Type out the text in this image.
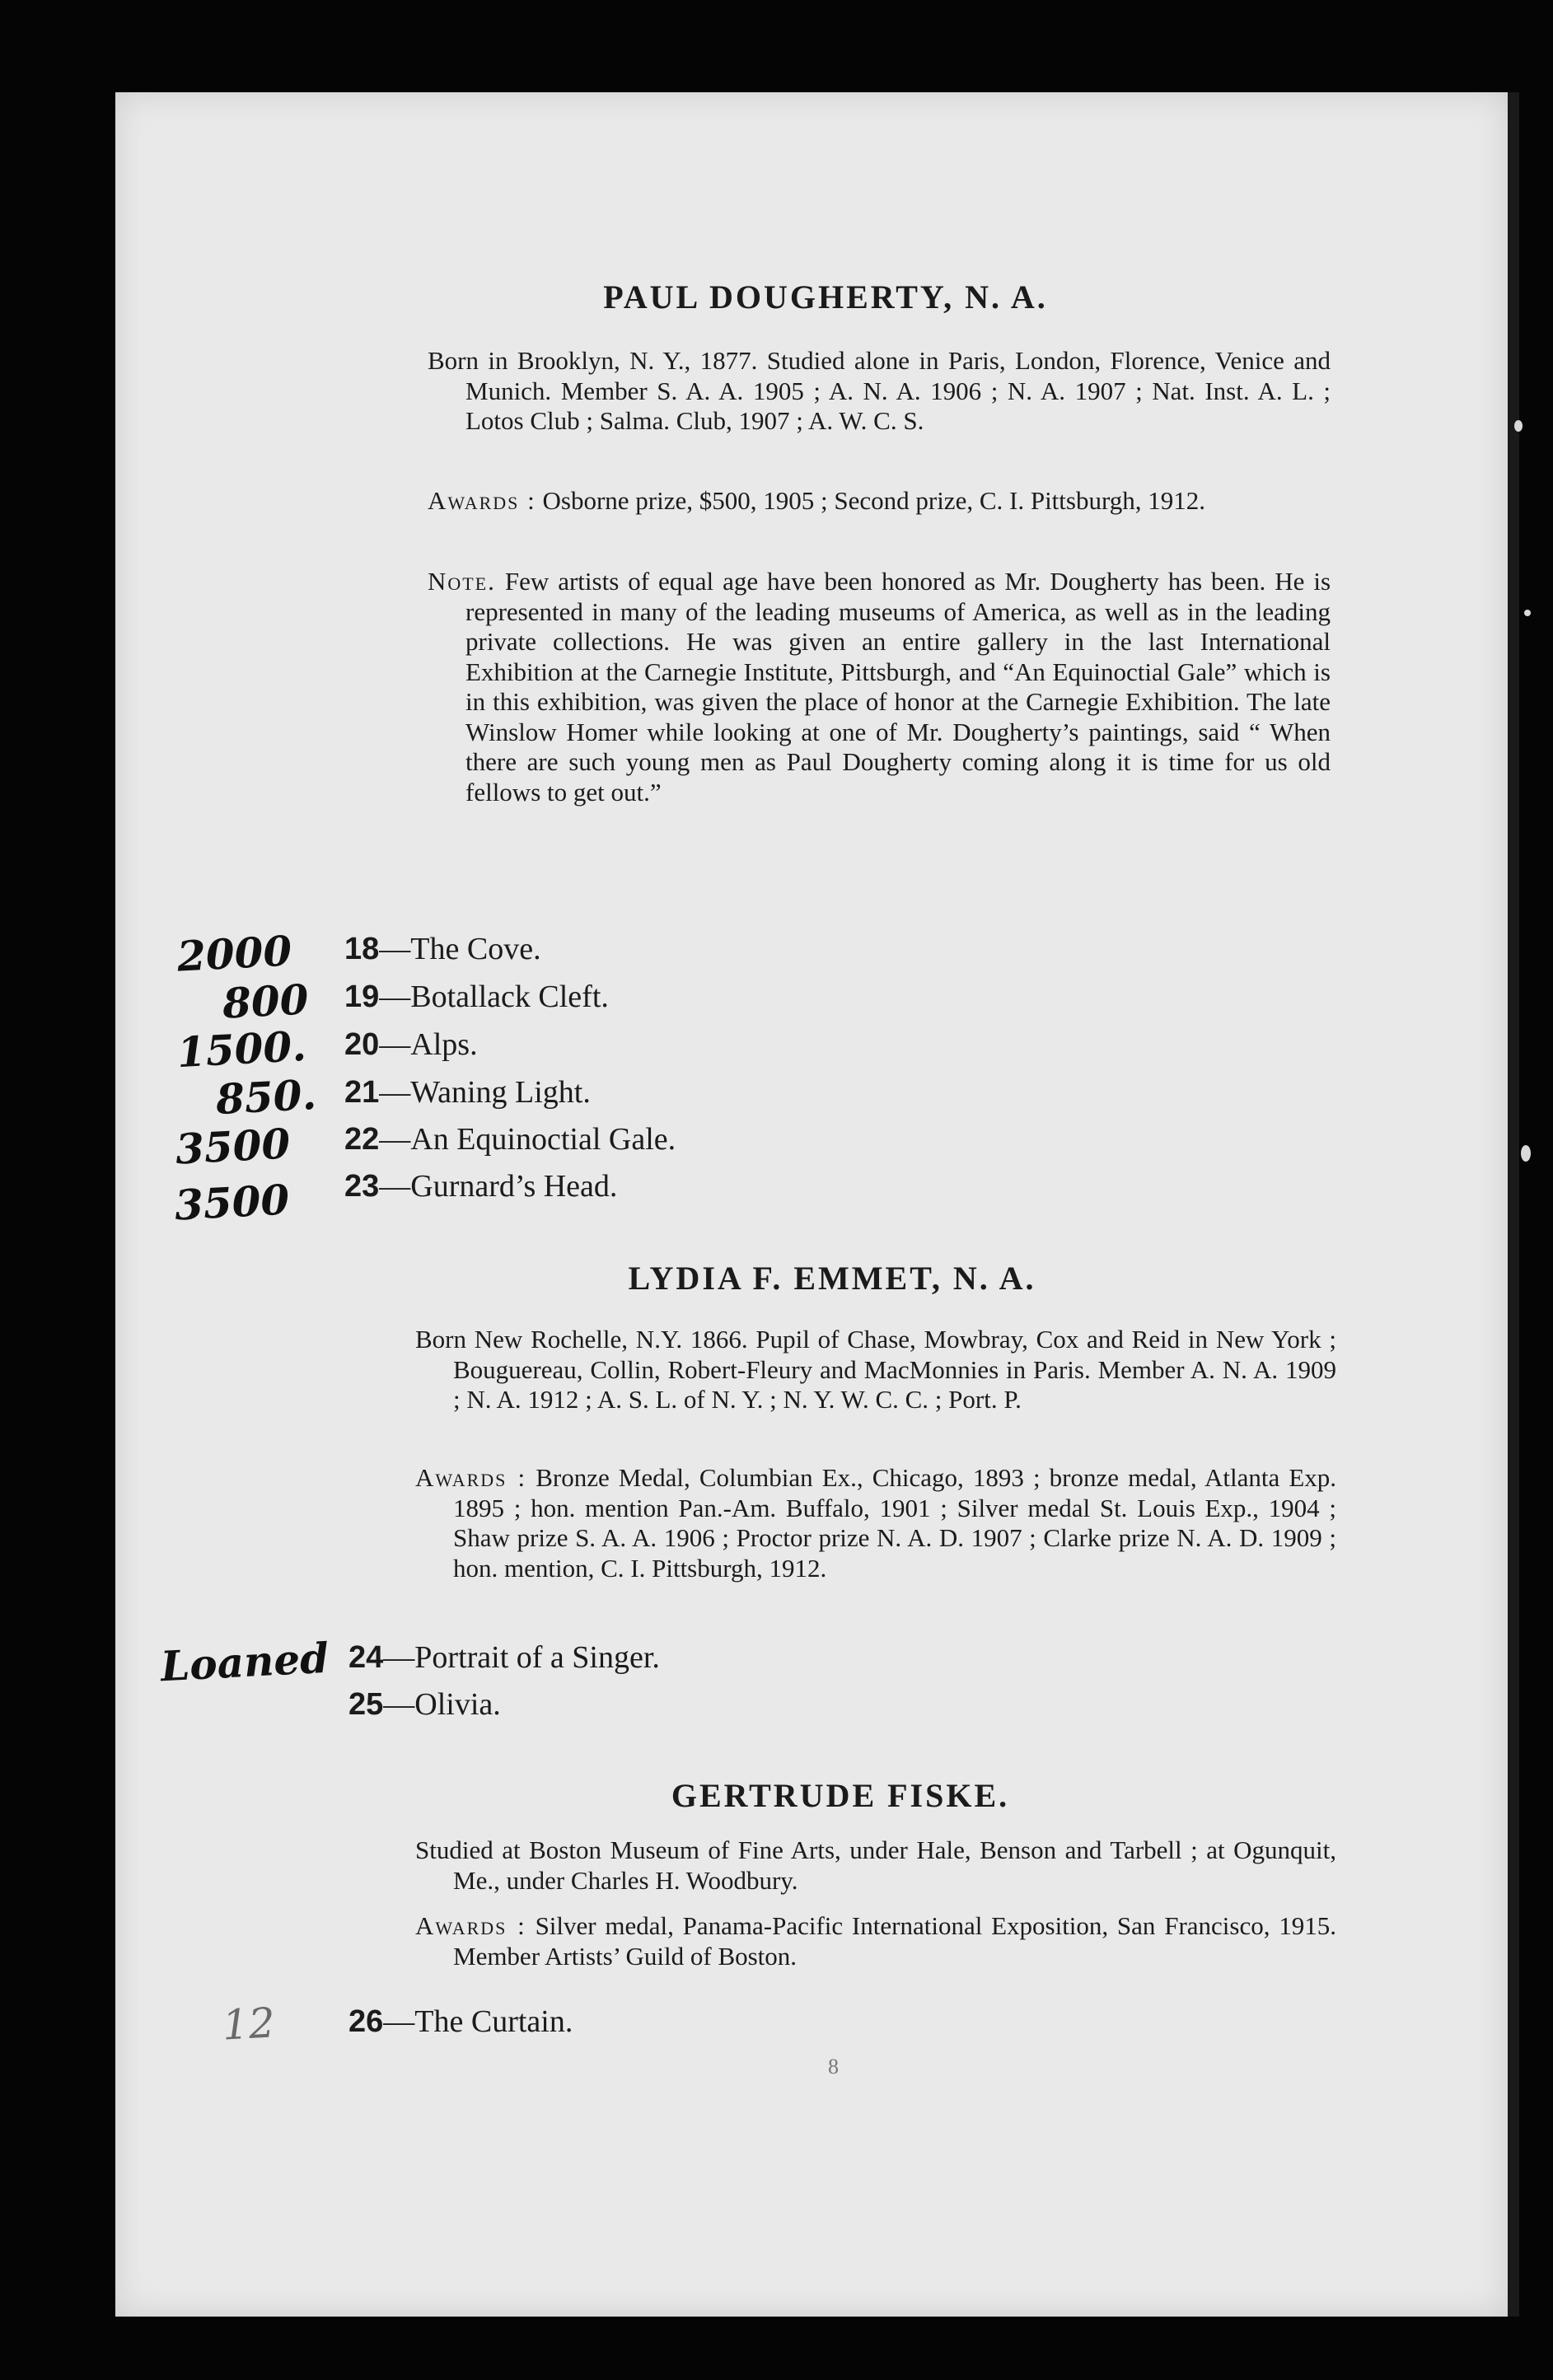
PAUL DOUGHERTY, N. A.

Born in Brooklyn, N. Y., 1877. Studied alone in Paris, London, Florence, Venice and Munich. Member S. A. A. 1905 ; A. N. A. 1906 ; N. A. 1907 ; Nat. Inst. A. L. ; Lotos Club ; Salma. Club, 1907 ; A. W. C. S.

Awards : Osborne prize, $500, 1905 ; Second prize, C. I. Pittsburgh, 1912.

Note. Few artists of equal age have been honored as Mr. Dougherty has been. He is represented in many of the leading museums of America, as well as in the leading private collections. He was given an entire gallery in the last International Exhibition at the Carnegie Institute, Pittsburgh, and “An Equinoctial Gale” which is in this exhibition, was given the place of honor at the Carnegie Exhibition. The late Winslow Homer while looking at one of Mr. Dougherty’s paintings, said “ When there are such young men as Paul Dougherty coming along it is time for us old fellows to get out.”

18—The Cove.
2000
19—Botallack Cleft.
800
20—Alps.
1500.
21—Waning Light.
850.
22—An Equinoctial Gale.
3500
23—Gurnard’s Head.
3500
LYDIA F. EMMET, N. A.

Born New Rochelle, N.Y. 1866. Pupil of Chase, Mowbray, Cox and Reid in New York ; Bouguereau, Collin, Robert-Fleury and MacMonnies in Paris. Member A. N. A. 1909 ; N. A. 1912 ; A. S. L. of N. Y. ; N. Y. W. C. C. ; Port. P.

Awards : Bronze Medal, Columbian Ex., Chicago, 1893 ; bronze medal, Atlanta Exp. 1895 ; hon. mention Pan.-Am. Buffalo, 1901 ; Silver medal St. Louis Exp., 1904 ; Shaw prize S. A. A. 1906 ; Proctor prize N. A. D. 1907 ; Clarke prize N. A. D. 1909 ; hon. mention, C. I. Pittsburgh, 1912.

24—Portrait of a Singer.
Loaned
25—Olivia.
GERTRUDE FISKE.

Studied at Boston Museum of Fine Arts, under Hale, Benson and Tarbell ; at Ogunquit, Me., under Charles H. Woodbury.

Awards : Silver medal, Panama-Pacific International Exposition, San Francisco, 1915. Member Artists’ Guild of Boston.

26—The Curtain.
12
8
